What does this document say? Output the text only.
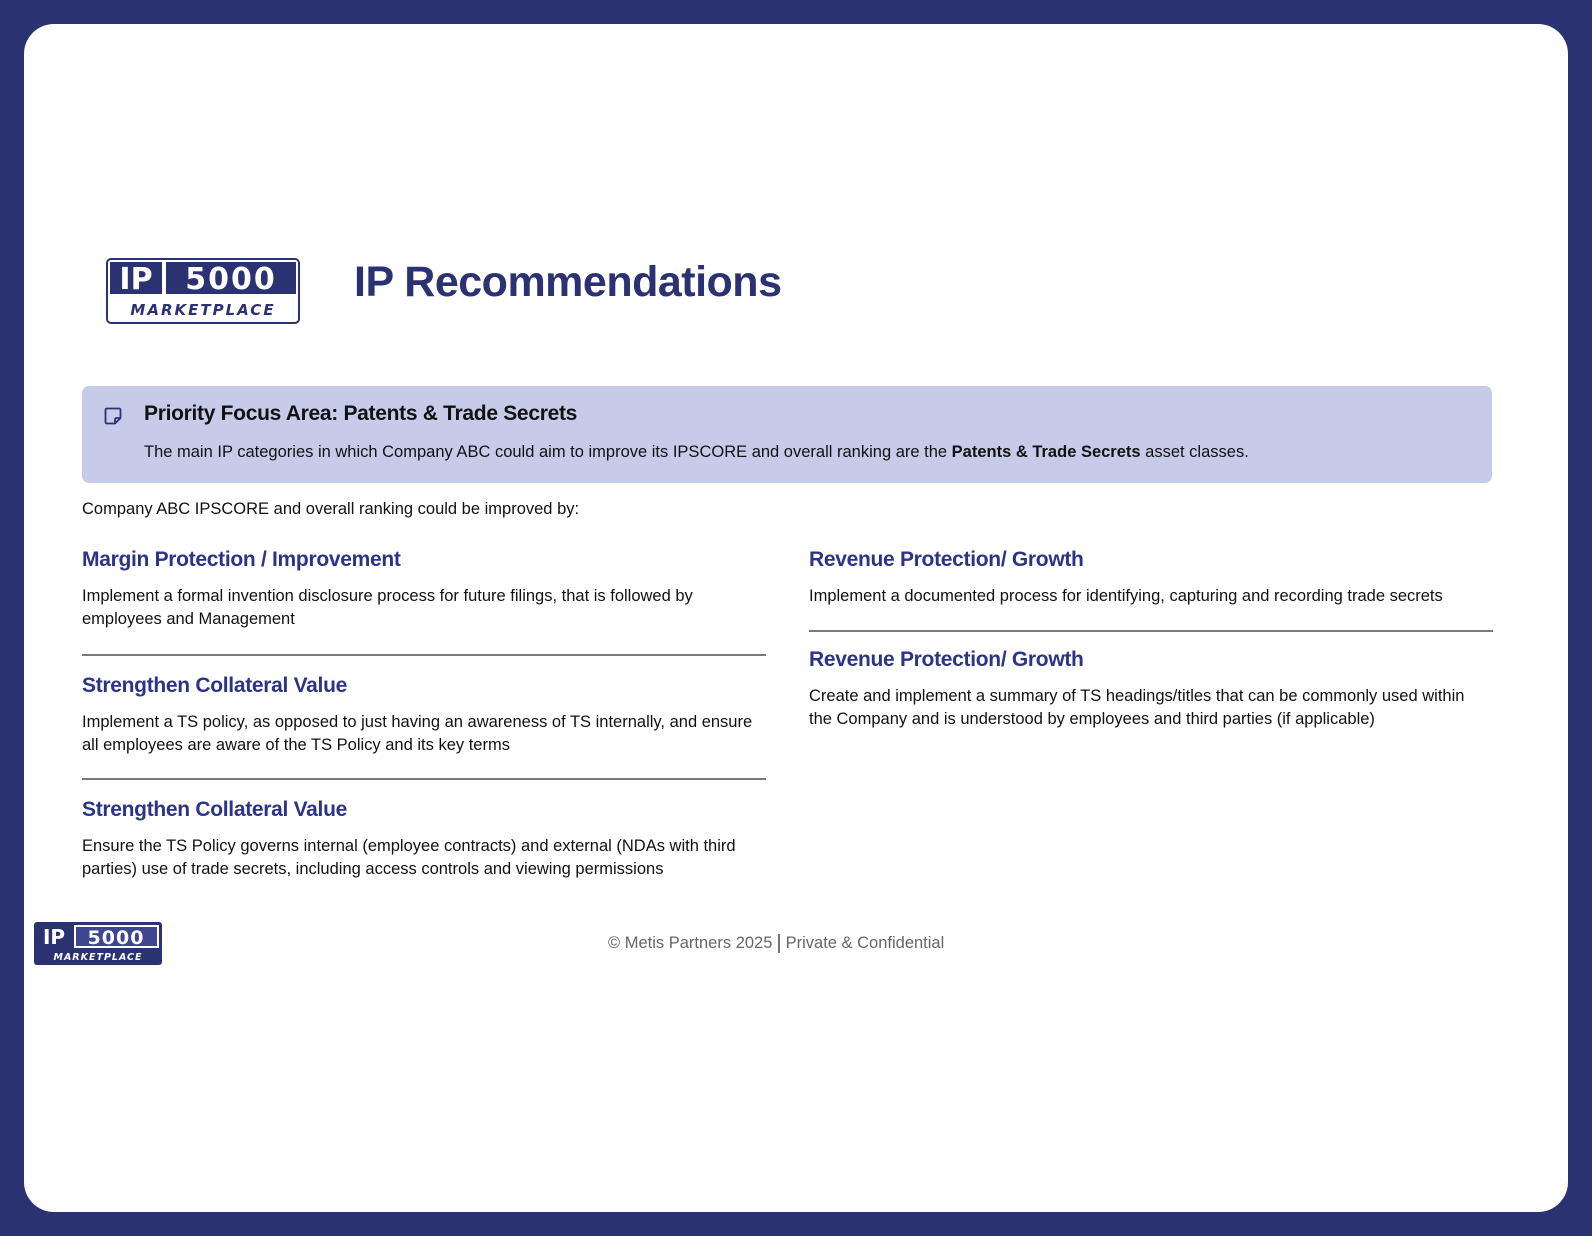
IP 5000
MARKETPLACE
IP Recommendations
Priority Focus Area: Patents & Trade Secrets
The main IP categories in which Company ABC could aim to improve its IPSCORE and overall ranking are the Patents & Trade Secrets asset classes.
Company ABC IPSCORE and overall ranking could be improved by:
Margin Protection / Improvement
Implement a formal invention disclosure process for future filings, that is followed by employees and Management
Strengthen Collateral Value
Implement a TS policy, as opposed to just having an awareness of TS internally, and ensure all employees are aware of the TS Policy and its key terms
Strengthen Collateral Value
Ensure the TS Policy governs internal (employee contracts) and external (NDAs with third parties) use of trade secrets, including access controls and viewing permissions
Revenue Protection/ Growth
Implement a documented process for identifying, capturing and recording trade secrets
Revenue Protection/ Growth
Create and implement a summary of TS headings/titles that can be commonly used within the Company and is understood by employees and third parties (if applicable)
IP 5000
MARKETPLACE
© Metis Partners 2025 | Private & Confidential
